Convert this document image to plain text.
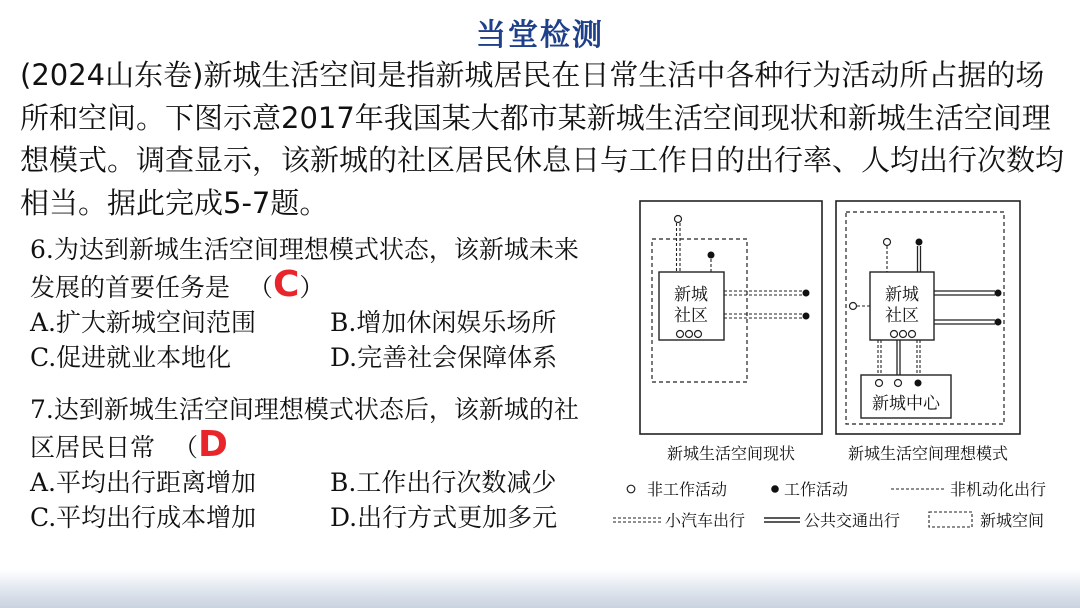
当堂检测
(2024山东卷)新城生活空间是指新城居民在日常生活中各种行为活动所占据的场所和空间。下图示意2017年我国某大都市某新城生活空间现状和新城生活空间理想模式。调查显示，该新城的社区居民休息日与工作日的出行率、人均出行次数均相当。据此完成5-7题。
6.为达到新城生活空间理想模式状态，该新城未来
发展的首要任务是 （C）
A.扩大新城空间范围	B.增加休闲娱乐场所
C.促进就业本地化	D.完善社会保障体系
7.达到新城生活空间理想模式状态后，该新城的社
区居民日常 （D
A.平均出行距离增加	B.工作出行次数减少
C.平均出行成本增加	D.出行方式更加多元
新城
社区
新城
社区
新城中心
新城生活空间现状	新城生活空间理想模式
非工作活动	工作活动	非机动化出行
小汽车出行	公共交通出行	新城空间
